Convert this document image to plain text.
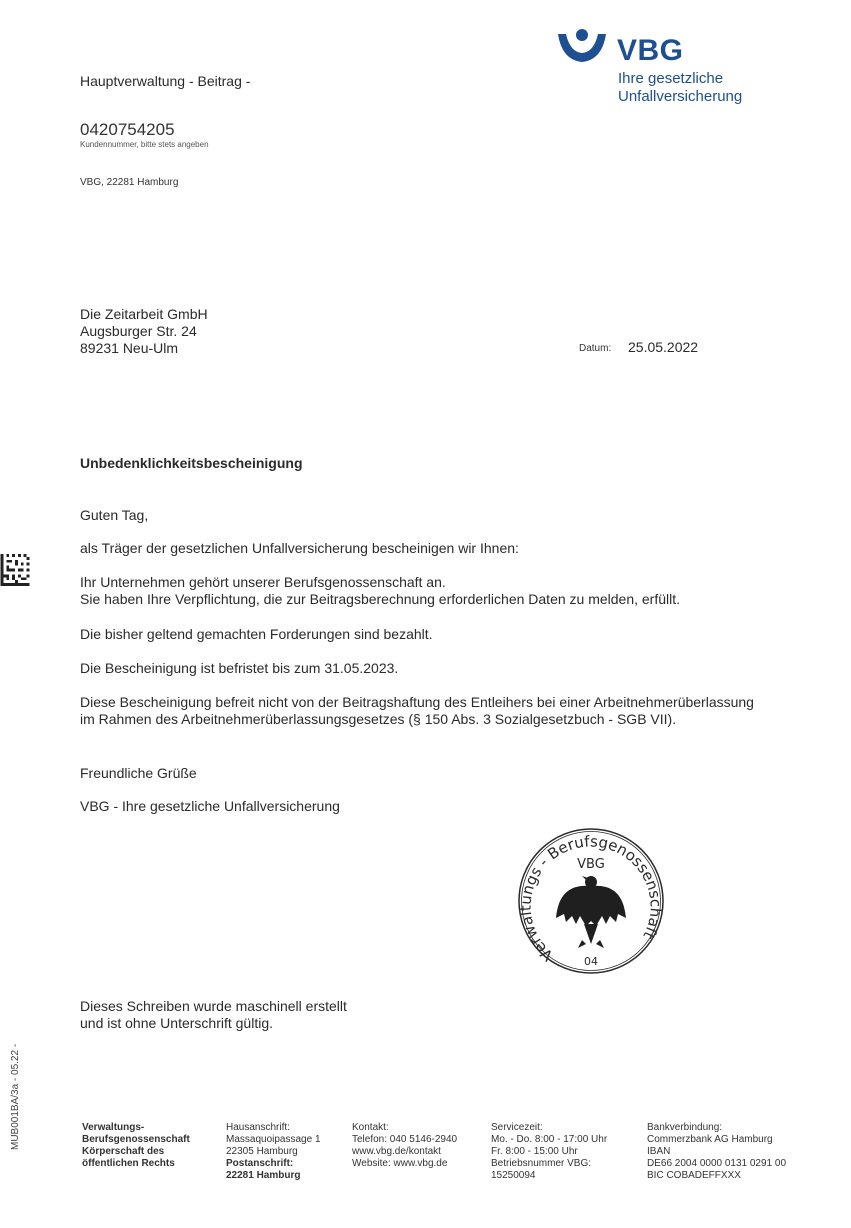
VBG
Ihre gesetzliche
Unfallversicherung
Hauptverwaltung - Beitrag -
0420754205
Kundennummer, bitte stets angeben
VBG, 22281 Hamburg
Die Zeitarbeit GmbH
Augsburger Str. 24
89231 Neu-Ulm	Datum: 25.05.2022
Unbedenklichkeitsbescheinigung
Guten Tag,
als Träger der gesetzlichen Unfallversicherung bescheinigen wir Ihnen:
Ihr Unternehmen gehört unserer Berufsgenossenschaft an.
Sie haben Ihre Verpflichtung, die zur Beitragsberechnung erforderlichen Daten zu melden, erfüllt.
Die bisher geltend gemachten Forderungen sind bezahlt.
Die Bescheinigung ist befristet bis zum 31.05.2023.
Diese Bescheinigung befreit nicht von der Beitragshaftung des Entleihers bei einer Arbeitnehmerüberlassung
im Rahmen des Arbeitnehmerüberlassungsgesetzes (§ 150 Abs. 3 Sozialgesetzbuch - SGB VII).
Freundliche Grüße
VBG - Ihre gesetzliche Unfallversicherung
MUB001BA/3a - 05.22 -
Verwaltungs - Berufsgenossenschaft
VBG
04
Dieses Schreiben wurde maschinell erstellt
und ist ohne Unterschrift gültig.
Verwaltungs-
Berufsgenossenschaft
Körperschaft des
öffentlichen Rechts
Hausanschrift:
Massaquoipassage 1
22305 Hamburg
Postanschrift:
22281 Hamburg
Kontakt:
Telefon: 040 5146-2940
www.vbg.de/kontakt
Website: www.vbg.de
Servicezeit:
Mo. - Do. 8:00 - 17:00 Uhr
Fr. 8:00 - 15:00 Uhr
Betriebsnummer VBG:
15250094
Bankverbindung:
Commerzbank AG Hamburg
IBAN
DE66 2004 0000 0131 0291 00
BIC COBADEFFXXX
